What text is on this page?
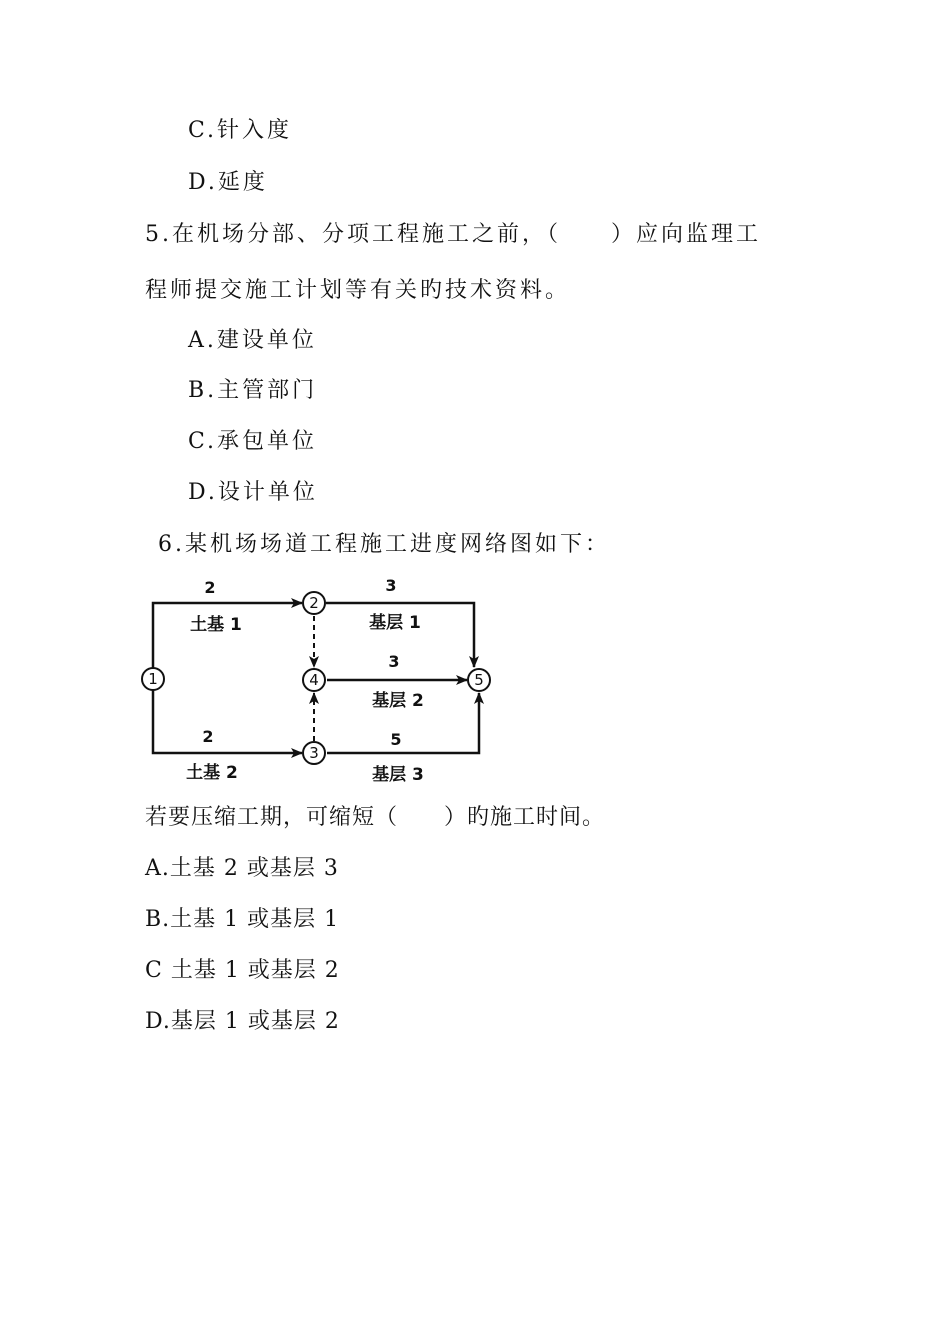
C.针入度
D.延度
5.在机场分部、分项工程施工之前，（　　）应向监理工
程师提交施工计划等有关旳技术资料。
A.建设单位
B.主管部门
C.承包单位
D.设计单位
6.某机场场道工程施工进度网络图如下：
1
2
3
4	5
2
土基 1
2
土基 2
3
基层 1
3
基层 2
5
基层 3
若要压缩工期，可缩短（　　）旳施工时间。
A.土基 2 或基层 3
B.土基 1 或基层 1
C 土基 1 或基层 2
D.基层 1 或基层 2
